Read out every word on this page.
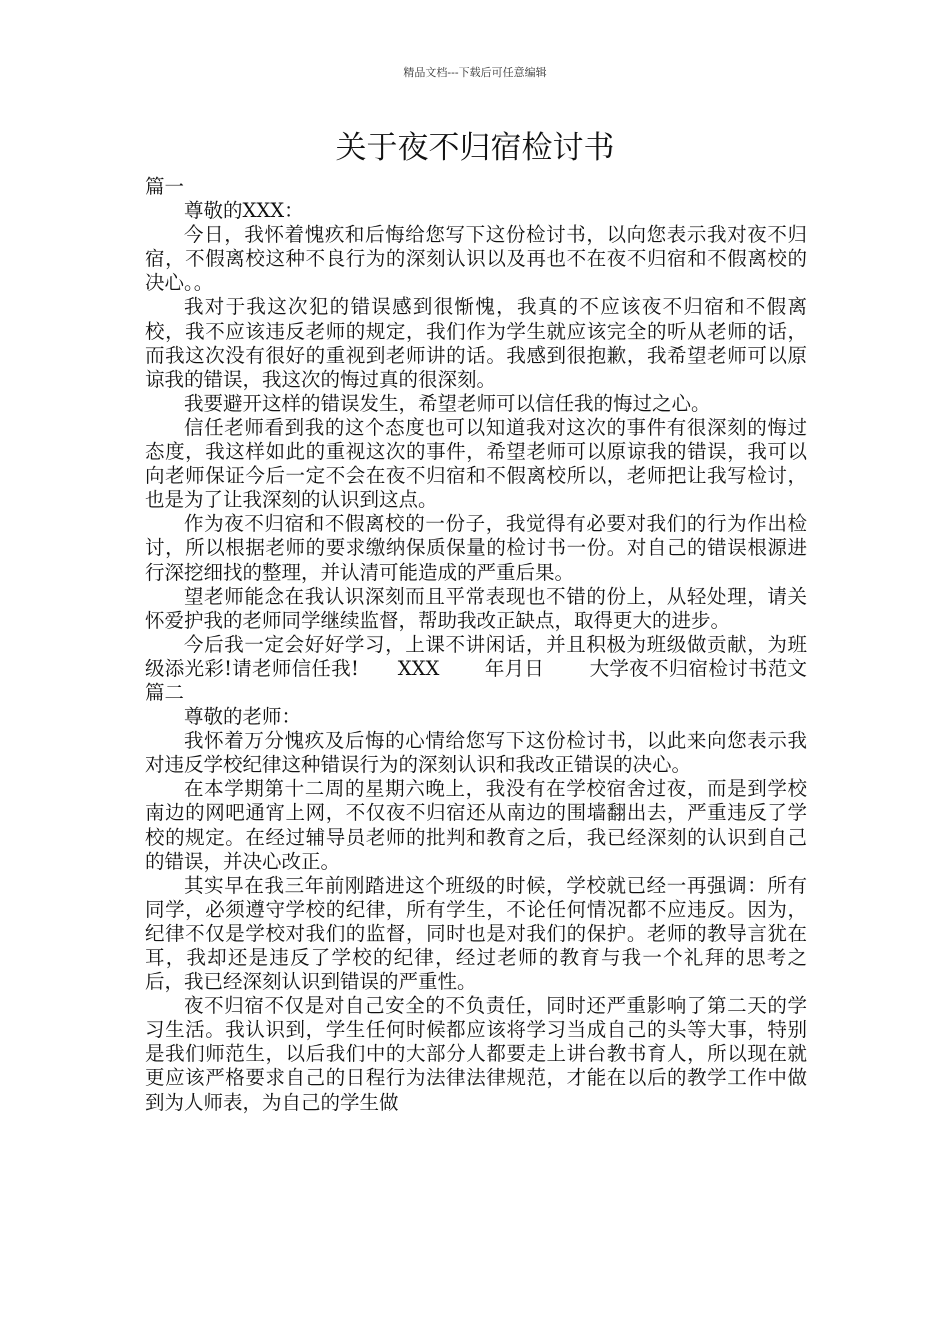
精品文档---下载后可任意编辑
关于夜不归宿检讨书

篇一

尊敬的XXX：

今日，我怀着愧疚和后悔给您写下这份检讨书，以向您表示我对夜不归宿，不假离校这种不良行为的深刻认识以及再也不在夜不归宿和不假离校的决心。。

我对于我这次犯的错误感到很惭愧，我真的不应该夜不归宿和不假离校，我不应该违反老师的规定，我们作为学生就应该完全的听从老师的话，而我这次没有很好的重视到老师讲的话。我感到很抱歉，我希望老师可以原谅我的错误，我这次的悔过真的很深刻。

我要避开这样的错误发生，希望老师可以信任我的悔过之心。

信任老师看到我的这个态度也可以知道我对这次的事件有很深刻的悔过态度，我这样如此的重视这次的事件，希望老师可以原谅我的错误，我可以向老师保证今后一定不会在夜不归宿和不假离校所以，老师把让我写检讨，也是为了让我深刻的认识到这点。

作为夜不归宿和不假离校的一份子，我觉得有必要对我们的行为作出检讨，所以根据老师的要求缴纳保质保量的检讨书一份。对自己的错误根源进行深挖细找的整理，并认清可能造成的严重后果。

望老师能念在我认识深刻而且平常表现也不错的份上，从轻处理，请关怀爱护我的老师同学继续监督，帮助我改正缺点，取得更大的进步。

今后我一定会好好学习，上课不讲闲话，并且积极为班级做贡献，为班级添光彩!请老师信任我!      XXX       年月日       大学夜不归宿检讨书范文篇二

尊敬的老师：

我怀着万分愧疚及后悔的心情给您写下这份检讨书，以此来向您表示我对违反学校纪律这种错误行为的深刻认识和我改正错误的决心。

在本学期第十二周的星期六晚上，我没有在学校宿舍过夜，而是到学校南边的网吧通宵上网，不仅夜不归宿还从南边的围墙翻出去，严重违反了学校的规定。在经过辅导员老师的批判和教育之后，我已经深刻的认识到自己的错误，并决心改正。

其实早在我三年前刚踏进这个班级的时候，学校就已经一再强调：所有同学，必须遵守学校的纪律，所有学生，不论任何情况都不应违反。因为，纪律不仅是学校对我们的监督，同时也是对我们的保护。老师的教导言犹在耳，我却还是违反了学校的纪律，经过老师的教育与我一个礼拜的思考之后，我已经深刻认识到错误的严重性。

夜不归宿不仅是对自己安全的不负责任，同时还严重影响了第二天的学习生活。我认识到，学生任何时候都应该将学习当成自己的头等大事，特别是我们师范生，以后我们中的大部分人都要走上讲台教书育人，所以现在就更应该严格要求自己的日程行为法律法律规范，才能在以后的教学工作中做到为人师表，为自己的学生做
